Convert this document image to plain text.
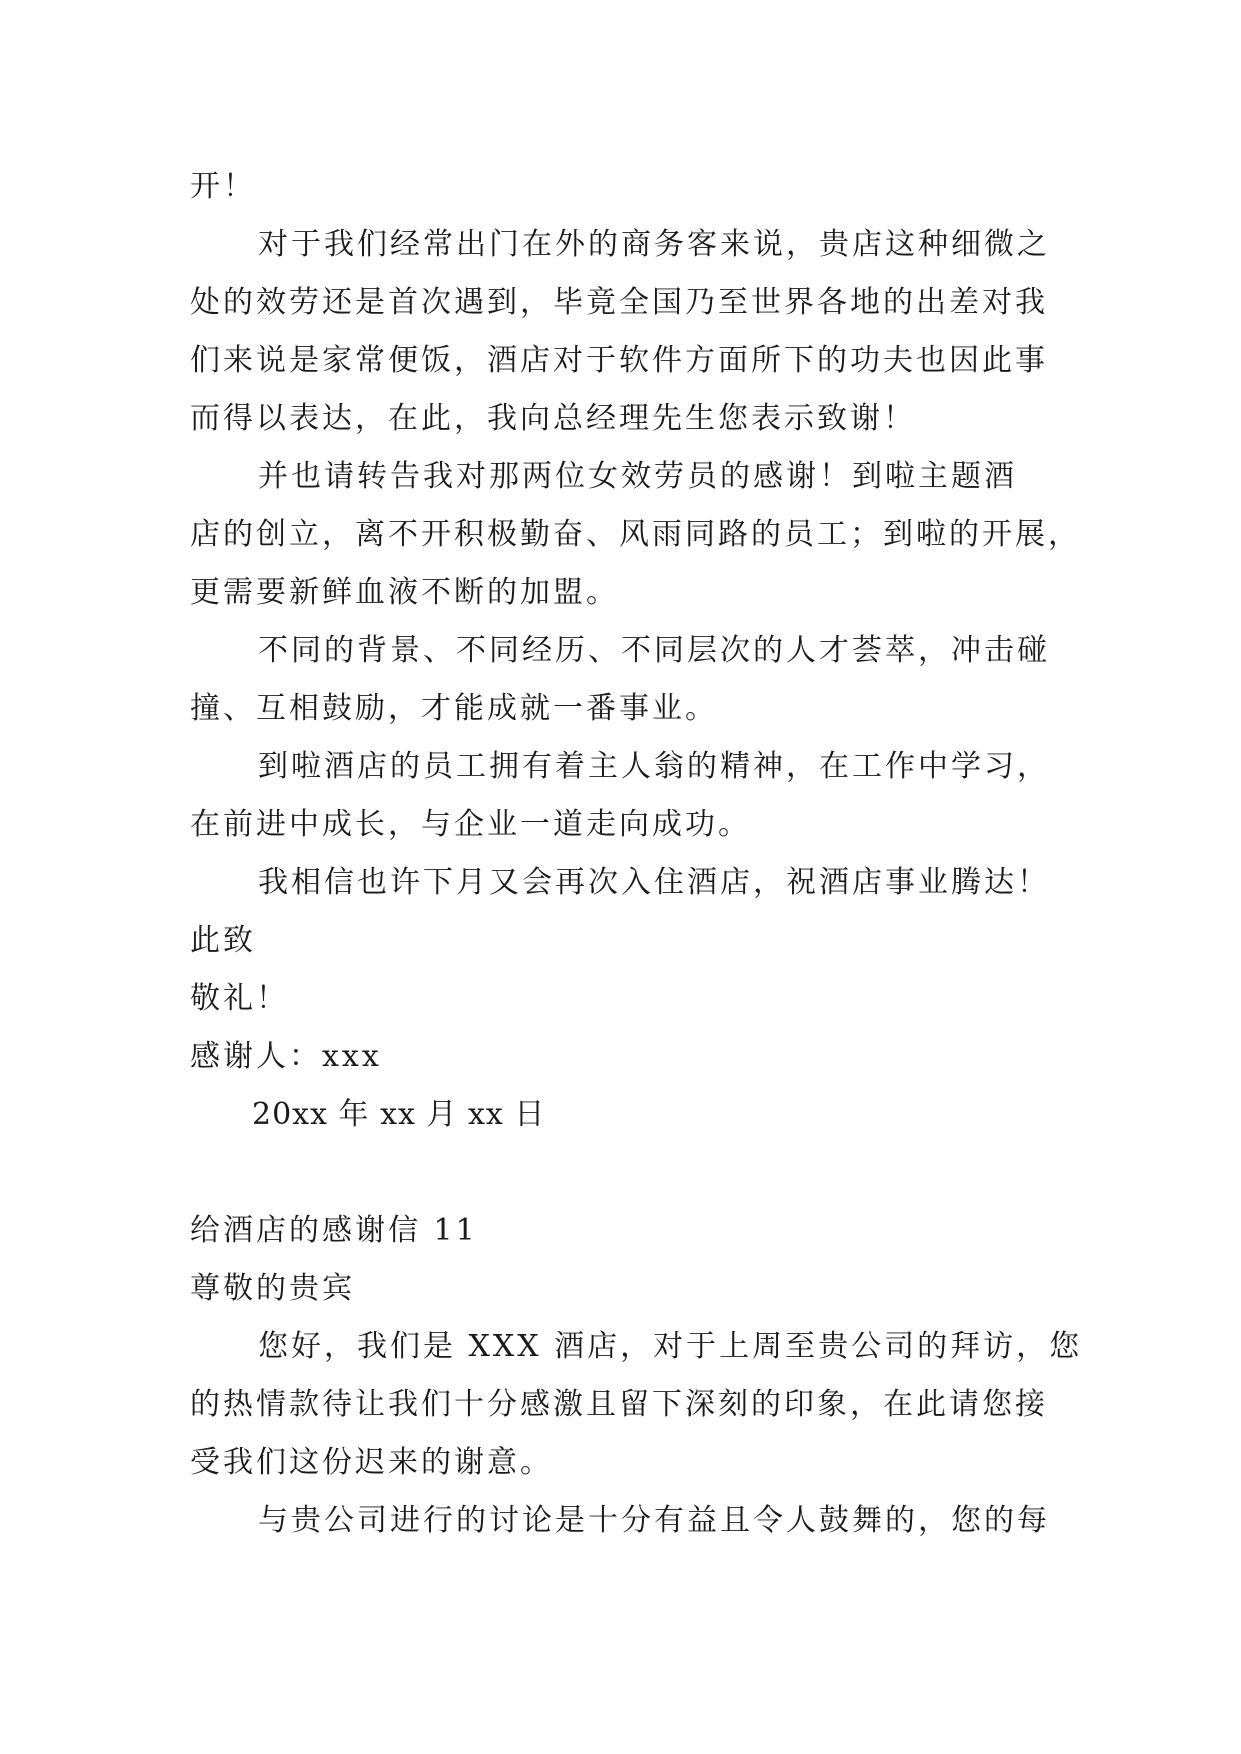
开！

对于我们经常出门在外的商务客来说，贵店这种细微之

处的效劳还是首次遇到，毕竟全国乃至世界各地的出差对我

们来说是家常便饭，酒店对于软件方面所下的功夫也因此事

而得以表达，在此，我向总经理先生您表示致谢！

并也请转告我对那两位女效劳员的感谢！到啦主题酒

店的创立，离不开积极勤奋、风雨同路的员工；到啦的开展，

更需要新鲜血液不断的加盟。

不同的背景、不同经历、不同层次的人才荟萃，冲击碰

撞、互相鼓励，才能成就一番事业。

到啦酒店的员工拥有着主人翁的精神，在工作中学习，

在前进中成长，与企业一道走向成功。

我相信也许下月又会再次入住酒店，祝酒店事业腾达！

此致

敬礼！

感谢人：xxx

20xx 年 xx 月 xx 日

给酒店的感谢信 11

尊敬的贵宾

您好，我们是 XXX 酒店，对于上周至贵公司的拜访，您

的热情款待让我们十分感激且留下深刻的印象，在此请您接

受我们这份迟来的谢意。

与贵公司进行的讨论是十分有益且令人鼓舞的，您的每
